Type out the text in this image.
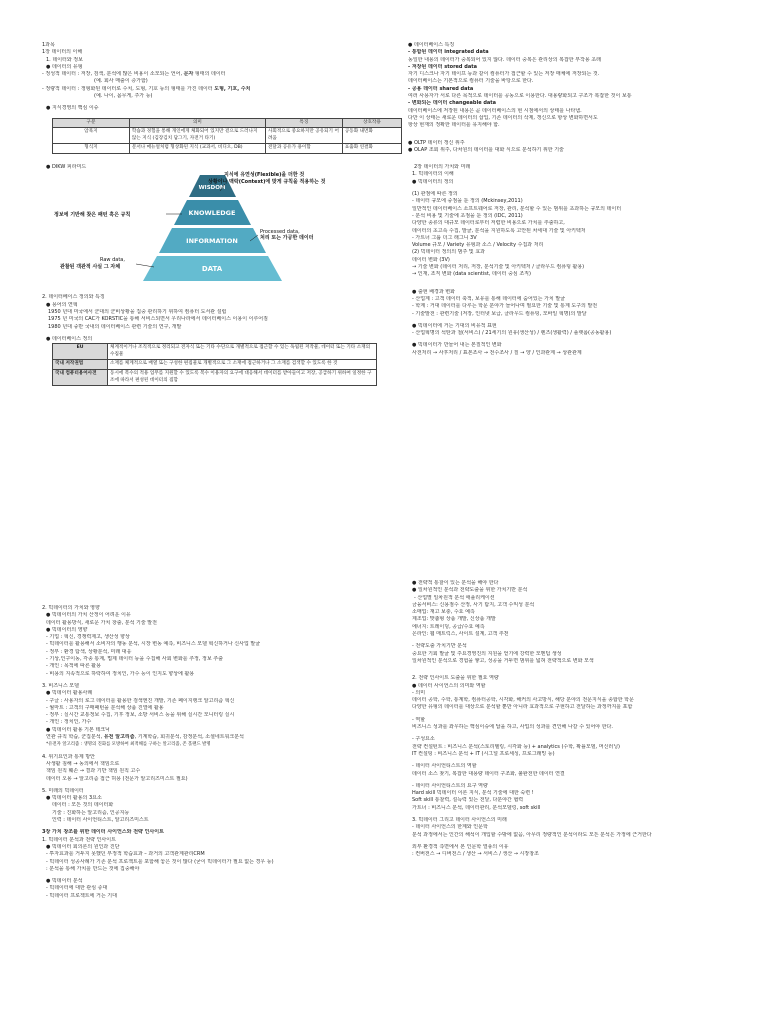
1과목
1장 데이터의 이해
1. 데이터와 정보
● 데이터의 유형
- 정성적 데이터 : 저장, 검색, 분석에 많은 비용이 소모되는 언어, 문자 형태의 데이터
(예. 회사 매출이 증가함)
- 정량적 데이터 : 정형화된 데이터로 수치, 도형, 기호 등의 형태를 가진 데이터 도형, 기호, 수치
(예. 나이, 몸무게, 주가 등)
● 지식경영의 핵심 이슈
구분	의미	특징	상호작용
암묵지	학습과 경험을 통해 개인에게 체화되어 있지만 겉으로 드러나지 않는 지식 (김장김치 담그기, 자전거 타기)	사회적으로 중요하지만 공유되기 어려움	공동화 내면화
형식지	문서나 매뉴얼처럼 형상화된 지식 (교과서, 비디오, DB)	전달과 공유가 용이함	표출화 연결화
● DIKW 피라미드
WISDOM
KNOWLEDGE
INFORMATION
DATA
지식에 유연성(Flexible)을 더한 것
상황이나 맥락(Context)에 맞게 규칙을 적용하는 것
정보에 기반해 찾은 패턴 혹은 규칙
Processed data,
처리 또는 가공한 데이터
Raw data,
관찰된 객관적 사실 그 자체
2. 데이터베이스 정의와 특징
● 용어의 연혁
1950 년대 미국에서 군대의 군비상황을 집중 관리하기 위하여 컴퓨터 도서관 설립
1975 년 미국의 CAC가 KORSTIC을 통해 서비스되면서 우리나라에서 데이터베이스 이용이 이루어짐
1980 년대 중반 국내의 데이터베이스 관련 기술의 연구, 개발
● 데이터베이스 정의
EU	체계적이거나 조직적으로 정리되고 전자식 또는 기타 수단으로 개별적으로 접근할 수 있는 독립된 저작물, 데이터 또는 기타 소재의 수집물
국내 저작권법	소재를 체계적으로 배열 또는 구성한 편집물로 개별적으로 그 소재에 접근하거나 그 소재를 검색할 수 있도록 한 것
국내 컴퓨터용어사전	동시에 복수의 적용 업무를 지원할 수 있도록 복수 이용자의 요구에 대응해서 데이터를 받아들이고 저장, 공급하기 위하여 일정한 구조에 따라서 편성된 데이터의 집합
● 데이터베이스 특징
- 통합된 데이터 integrated data
동일한 내용의 데이터가 중복되어 있지 않다. 데이터 중복은 관리상의 복잡한 부작용 초래
- 저장된 데이터 stored data
자기 디스크나 자기 테이프 등과 같이 컴퓨터가 접근할 수 있는 저장 매체에 저장되는 것.
데이터베이스는 기본적으로 컴퓨터 기술을 바탕으로 한다.
- 공용 데이터 shared data
여러 사용자가 서로 다른 목적으로 데이터를 공동으로 이용한다. 대용량화되고 구조가 복잡한 것이 보통
- 변화되는 데이터 changeable data
데이터베이스에 저장된 내용은 곧 데이터베이스의 현 시점에서의 상태를 나타냄.
다만 이 상태는 새로운 데이터의 삽입, 기존 데이터의 삭제, 갱신으로 항상 변화하면서도
항상 현재의 정확한 데이터를 유지해야 함.
● OLTP 데이터 갱신 위주
● OLAP 조회 위주, 다차원의 데이터를 대화 식으로 분석하기 위한 기술
2장 데이터의 가치와 미래
1. 빅데이터의 이해
● 빅데이터의 정의
(1) 관점에 따른 정의
- 데이터 규모에 중점을 둔 정의 (Mckinsey,2011)
일반적인 데이터베이스 소프트웨어로 저장, 관리, 분석할 수 있는 범위를 초과하는 규모의 데이터
- 분석 비용 및 기술에 초점을 둔 정의 (IDC, 2011)
다양한 종류의 대규모 데이터로부터 저렴한 비용으로 가치를 추출하고,
데이터의 초고속 수집, 발굴, 분석을 지원하도록 고안된 차세대 기술 및 아키텍처
- 가트너 그룹 더그 래그니 3V
Volume 규모 / Variety 유형과 소스 / Velocity 수집과 처리
(2) 빅데이터 정의의 범주 및 효과
데이터 변화 (3V)
→ 기술 변화 (데이터 처리, 저장, 분석기술 및 아키텍처 / 클라우드 컴퓨팅 활용)
→ 인재, 조직 변화 (data scientist, 데이터 중심 조직)
● 출현 배경과 변화
- 산업계 : 고객 데이터 축적, 보유를 통해 데이터에 숨어있는 가치 발굴
- 학계 : 거대 데이터를 다루는 학문 분야가 늘어나며 필요한 기술 및 통계 도구의 발전
- 기술발전 : 관련기술 (저장, 인터넷 보급, 클라우드 컴퓨팅, 모바일 혁명)의 발달
● 빅데이터에 거는 기대의 비유적 표현
- 산업혁명의 석탄과 철(서비스) / 21세기의 원유(생산성) / 렌즈(생활력) / 플랫폼(공동활용)
● 빅데이터가 만들어 내는 본질적인 변화
사전처리 → 사후처리 / 표본조사 → 전수조사 / 질 → 양 / 인과관계 → 상관관계
2. 빅데이터의 가치와 영향
● 빅데이터의 가치 산정이 어려운 이유
데이터 활용방식, 새로운 가치 창출, 분석 기술 발전
● 빅데이터의 영향
- 기업 : 혁신, 경쟁력제고, 생산성 향상
- 빅데이터를 활용해서 소비자의 행동 분석, 시장 변동 예측, 비즈니스 모델 혁신하거나 신사업 발굴
- 정부 : 환경 탐색, 상황분석, 미래 대응
- 기상,인구이동, 각종 통계, 법제 데이터 등을 수집해 사회 변화를 추정, 정보 추출
- 개인 : 목적에 따른 활용
- 비용의 지속적으로 하락하여 정치인, 가수 등이 인지도 향상에 활용
3. 비즈니스 모델
● 빅데이터 활용사례
- 구글 : 사용자의 로그 데이터를 활용한 검색엔진 개발, 기존 페이지랭크 알고리즘 혁신
- 월마트 : 고객의 구매패턴을 분석해 상품 진열에 활용
- 정부 : 실시간 교통정보 수집, 기후 정보, 소방 서비스 등을 위해 실시간 모니터링 실시
- 개인 : 정치인, 가수
● 빅데이터 활용 기본 테크닉
연관 규칙 학습, 군집분석, 유전 알고리즘, 기계학습, 회귀분석, 감정분석, 소셜네트워크분석
*유전자 알고리즘 : 생명의 진화를 모방하여 최적해를 구하는 알고리즘, 존 홀랜드 발명
4. 위기요인과 통제 방안
사생활 침해 → 동의에서 책임으로
책임 원칙 훼손 → 결과 기반 책임 원칙 고수
데이터 오용 → 알고리즘 접근 허용 (전문가 알고리즈미스트 필요)
5. 미래의 빅데이터
● 빅데이터 활용의 3요소
데이터 : 모든 것의 데이터화
기술 : 진화하는 알고리즘, 인공지능
인력 : 데이터 사이언티스트, 알고리즈미스트
3장 가치 창조를 위한 데이터 사이언스와 전략 인사이트
1. 빅데이터 분석과 전략 인사이트
● 빅데이터 회의론의 원인과 진단
- 투자효과를 거두지 못했던 부정적 학습효과 – 과거의 고객관계관리CRM
- 빅데이터 성공사례가 기존 분석 프로젝트를 포함해 놓은 것이 많다 (굳이 빅데이터가 필요 없는 경우 등)
: 분석을 통해 가치를 만드는 것에 집중해야
● 빅데이터 분석
- 빅데이터에 대한 관심 증대
- 빅데이터 프로젝트에 거는 기대
● 전략적 통찰이 있는 분석을 해야 한다
● 일차원적인 분석과 전략도출을 위한 가치기반 분석
- 산업별 일차원적 분석 애플리케이션
금융서비스: 신용점수 산정, 사기 탐지, 고객 수익성 분석
소매업: 재고 보충, 수요 예측
제조업: 맞춤형 상품 개발, 신상품 개발
에너지: 트레이딩, 공급/수요 예측
온라인: 웹 매트릭스, 사이트 설계, 고객 추천
- 전략도출 가치기반 분석
중요한 기회 발굴 및 주요경영진의 지원을 얻기에 강력한 모멘텀 생성
일차원적인 분석으로 경험을 쌓고, 성공을 거두면 범위를 넓혀 전략적으로 변화 모색
2. 전략 인사이트 도출을 위한 필요 역량
● 데이터 사이언스의 의미와 역할
- 의미
데이터 공학, 수학, 통계학, 컴퓨터공학, 시각화, 해커의 사고방식, 해당 분야의 전문지식을 종합한 학문
다양한 유형의 데이터를 대상으로 분석할 뿐만 아니라 효과적으로 구현하고 전달하는 과정까지를 포함
- 역할
비즈니스 성과를 좌우하는 핵심이슈에 답을 하고, 사업의 성과를 견인해 나갈 수 있어야 한다.
- 구성요소
전략 컨설턴트 : 비즈니스 분석(스토리텔링, 시각화 등) + analytics (수학, 확률모델, 머신러닝)
IT 컨설팅 : 비즈니스 분석 + IT (시그널 프로세싱, 프로그래밍 등)
- 데이터 사이언티스트의 역할
데이터 소스 찾기, 복잡한 대용량 데이터 구조화, 불완전한 데이터 연결
- 데이터 사이언티스트의 요구 역량
Hard skill 빅데이터 이론 지식, 분석 기술에 대한 숙련 !
Soft skill 통찰력, 설득력 있는 전달, 다분야간 협력
가트너 : 비즈니스 분석, 데이터관리, 분석모델링, soft skill
3. 빅데이터 그리고 데이터 사이언스의 미래
- 데이터 사이언스의 한계와 인문학
분석 과정에서는 인간의 해석이 개입할 수밖에 없음, 아무리 정량적인 분석이라도 모든 분석은 가정에 근거한다
외부 환경적 측면에서 본 인문학 열풍의 이유
: 컨버전스 → 디버전스 / 생산 → 서비스 / 생산 → 시장창조
